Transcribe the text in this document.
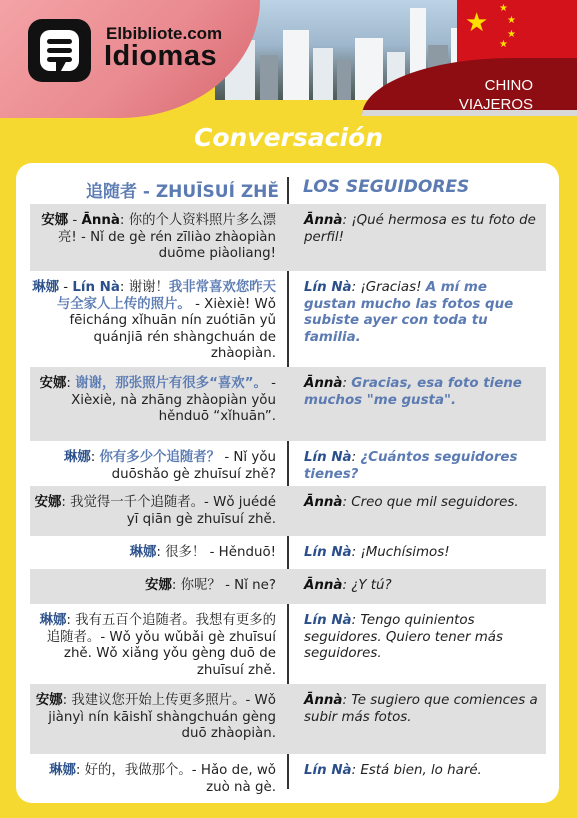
★ ★
★
★
★
CHINO
VIAJEROS
Elbibliote.com
Idiomas
Conversación
追随者 - ZHUĪSUÍ ZHĚ LOS SEGUIDORES
安娜 - Ānnà: 你的个人资料照片多么漂亮! - Nǐ de gè rén zīliào zhàopiàn duōme piàoliang!
Ānnà: ¡Qué hermosa es tu foto de perfil!
琳娜 - Lín Nà: 谢谢！我非常喜欢您昨天与全家人上传的照片。 - Xièxiè! Wǒ fēicháng xǐhuān nín zuótiān yǔ quánjiā rén shàngchuán de zhàopiàn.
Lín Nà: ¡Gracias! A mí me gustan mucho las fotos que subiste ayer con toda tu familia.
安娜: 谢谢，那张照片有很多“喜欢”。 - Xièxiè, nà zhāng zhàopiàn yǒu hěnduō “xǐhuān”.
Ānnà: Gracias, esa foto tiene muchos "me gusta".
琳娜: 你有多少个追随者？ - Nǐ yǒu duōshǎo gè zhuīsuí zhě?
Lín Nà: ¿Cuántos seguidores tienes?
安娜: 我觉得一千个追随者。- Wǒ juédé yī qiān gè zhuīsuí zhě.
Ānnà: Creo que mil seguidores.
琳娜: 很多！ - Hěnduō! Lín Nà: ¡Muchísimos!
安娜: 你呢？ - Nǐ ne? Ānnà: ¿Y tú?
琳娜: 我有五百个追随者。我想有更多的追随者。- Wǒ yǒu wǔbǎi gè zhuīsuí zhě. Wǒ xiǎng yǒu gèng duō de zhuīsuí zhě.
Lín Nà: Tengo quinientos seguidores. Quiero tener más seguidores.
安娜: 我建议您开始上传更多照片。- Wǒ jiànyì nín kāishǐ shàngchuán gèng duō zhàopiàn.
Ānnà: Te sugiero que comiences a subir más fotos.
琳娜: 好的，我做那个。- Hǎo de, wǒ zuò nà gè.
Lín Nà: Está bien, lo haré.
